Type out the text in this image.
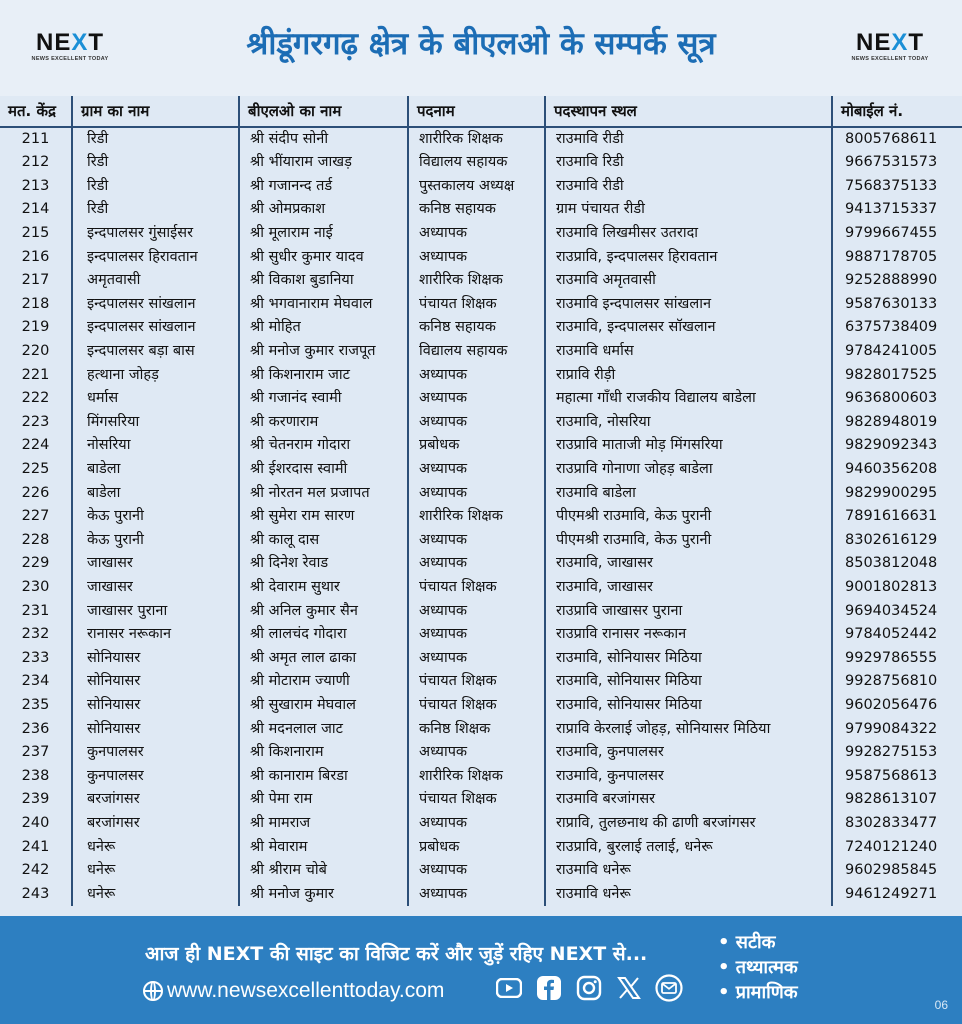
NEXT
NEWS EXCELLENT TODAY	श्रीडूंगरगढ़ क्षेत्र के बीएलओ के सम्पर्क सूत्र	NEXT
NEWS EXCELLENT TODAY
मत. केंद्र	ग्राम का नाम	बीएलओ का नाम	पदनाम	पदस्थापन स्थल	मोबाईल नं.
211	रिडी	श्री संदीप सोनी	शारीरिक शिक्षक	राउमावि रीडी	8005768611
212	रिडी	श्री भींयाराम जाखड़	विद्यालय सहायक	राउमावि रिडी	9667531573
213	रिडी	श्री गजानन्द तर्ड	पुस्तकालय अध्यक्ष	राउमावि रीडी	7568375133
214	रिडी	श्री ओमप्रकाश	कनिष्ठ सहायक	ग्राम पंचायत रीडी	9413715337
215	इन्दपालसर गुंसाईसर	श्री मूलाराम नाई	अध्यापक	राउमावि लिखमीसर उतरादा	9799667455
216	इन्दपालसर हिरावतान	श्री सुधीर कुमार यादव	अध्यापक	राउप्रावि, इन्दपालसर हिरावतान	9887178705
217	अमृतवासी	श्री विकाश बुडानिया	शारीरिक शिक्षक	राउमावि अमृतवासी	9252888990
218	इन्दपालसर सांखलान	श्री भगवानाराम मेघवाल	पंचायत शिक्षक	राउमावि इन्दपालसर सांखलान	9587630133
219	इन्दपालसर सांखलान	श्री मोहित	कनिष्ठ सहायक	राउमावि, इन्दपालसर सॉखलान	6375738409
220	इन्दपालसर बड़ा बास	श्री मनोज कुमार राजपूत	विद्यालय सहायक	राउमावि धर्मास	9784241005
221	हत्थाना जोहड़	श्री किशनाराम जाट	अध्यापक	राप्रावि रीड़ी	9828017525
222	धर्मास	श्री गजानंद स्वामी	अध्यापक	महात्मा गाँधी राजकीय विद्यालय बाडेला	9636800603
223	मिंगसरिया	श्री करणाराम	अध्यापक	राउमावि, नोसरिया	9828948019
224	नोसरिया	श्री चेतनराम गोदारा	प्रबोधक	राउप्रावि माताजी मोड़ मिंगसरिया	9829092343
225	बाडेला	श्री ईशरदास स्वामी	अध्यापक	राउप्रावि गोनाणा जोहड़ बाडेला	9460356208
226	बाडेला	श्री नोरतन मल प्रजापत	अध्यापक	राउमावि बाडेला	9829900295
227	केऊ पुरानी	श्री सुमेरा राम सारण	शारीरिक शिक्षक	पीएमश्री राउमावि, केऊ पुरानी	7891616631
228	केऊ पुरानी	श्री कालू दास	अध्यापक	पीएमश्री राउमावि, केऊ पुरानी	8302616129
229	जाखासर	श्री दिनेश रेवाड	अध्यापक	राउमावि, जाखासर	8503812048
230	जाखासर	श्री देवाराम सुथार	पंचायत शिक्षक	राउमावि, जाखासर	9001802813
231	जाखासर पुराना	श्री अनिल कुमार सैन	अध्यापक	राउप्रावि जाखासर पुराना	9694034524
232	रानासर नरूकान	श्री लालचंद गोदारा	अध्यापक	राउप्रावि रानासर नरूकान	9784052442
233	सोनियासर	श्री अमृत लाल ढाका	अध्यापक	राउमावि, सोनियासर मिठिया	9929786555
234	सोनियासर	श्री मोटाराम ज्याणी	पंचायत शिक्षक	राउमावि, सोनियासर मिठिया	9928756810
235	सोनियासर	श्री सुखाराम मेघवाल	पंचायत शिक्षक	राउमावि, सोनियासर मिठिया	9602056476
236	सोनियासर	श्री मदनलाल जाट	कनिष्ठ शिक्षक	राप्रावि केरलाई जोहड़, सोनियासर मिठिया	9799084322
237	कुनपालसर	श्री किशनाराम	अध्यापक	राउमावि, कुनपालसर	9928275153
238	कुनपालसर	श्री कानाराम बिरडा	शारीरिक शिक्षक	राउमावि, कुनपालसर	9587568613
239	बरजांगसर	श्री पेमा राम	पंचायत शिक्षक	राउमावि बरजांगसर	9828613107
240	बरजांगसर	श्री मामराज	अध्यापक	राप्रावि, तुलछनाथ की ढाणी बरजांगसर	8302833477
241	धनेरू	श्री मेवाराम	प्रबोधक	राउप्रावि, बुरलाई तलाई, धनेरू	7240121240
242	धनेरू	श्री श्रीराम चोबे	अध्यापक	राउमावि धनेरू	9602985845
243	धनेरू	श्री मनोज कुमार	अध्यापक	राउमावि धनेरू	9461249271
आज ही NEXT की साइट का विजिट करें और जुड़ें रहिए NEXT से...
www.newsexcellenttoday.com
• सटीक
• तथ्यात्मक
• प्रामाणिक
06
